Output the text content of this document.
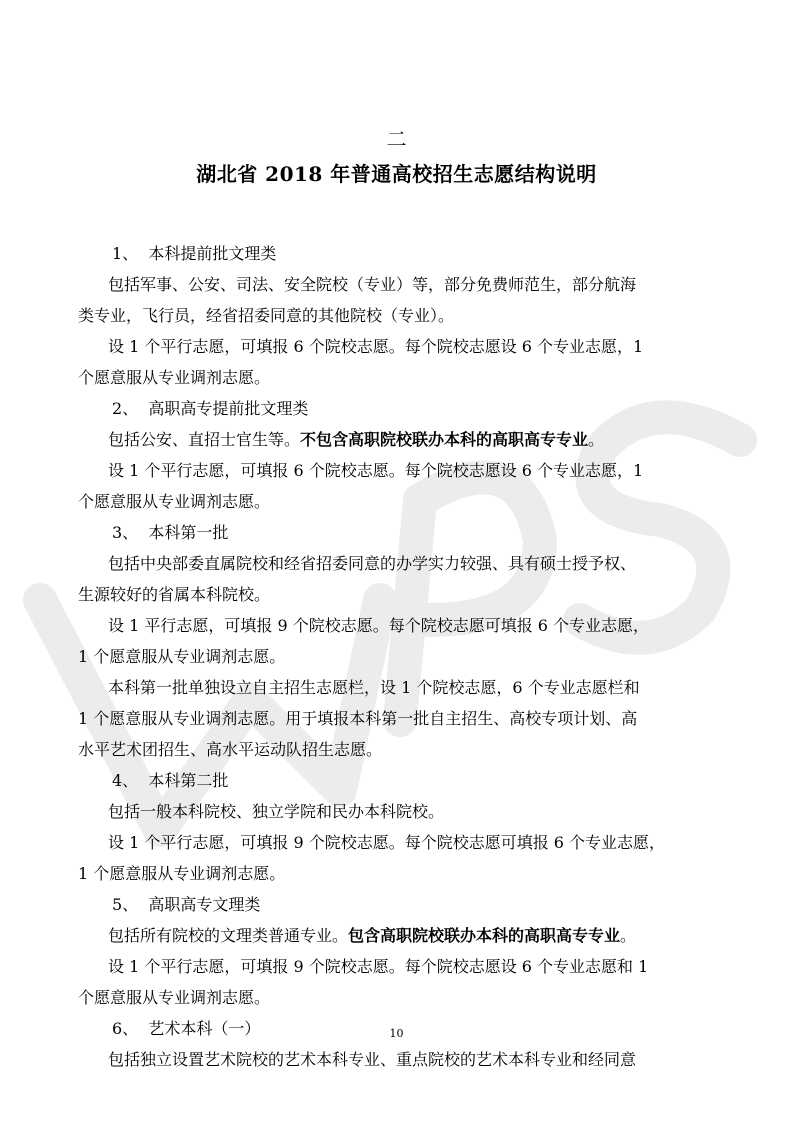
二
湖北省 2018 年普通高校招生志愿结构说明
1、  本科提前批文理类
包括军事、公安、司法、安全院校（专业）等，部分免费师范生，部分航海
类专业，飞行员，经省招委同意的其他院校（专业）。
设 1 个平行志愿，可填报 6 个院校志愿。每个院校志愿设 6 个专业志愿，1
个愿意服从专业调剂志愿。
2、  高职高专提前批文理类
包括公安、直招士官生等。不包含高职院校联办本科的高职高专专业。
设 1 个平行志愿，可填报 6 个院校志愿。每个院校志愿设 6 个专业志愿，1
个愿意服从专业调剂志愿。
3、  本科第一批
包括中央部委直属院校和经省招委同意的办学实力较强、具有硕士授予权、
生源较好的省属本科院校。
设 1 平行志愿，可填报 9 个院校志愿。每个院校志愿可填报 6 个专业志愿，
1 个愿意服从专业调剂志愿。
本科第一批单独设立自主招生志愿栏，设 1 个院校志愿，6 个专业志愿栏和
1 个愿意服从专业调剂志愿。用于填报本科第一批自主招生、高校专项计划、高
水平艺术团招生、高水平运动队招生志愿。
4、  本科第二批
包括一般本科院校、独立学院和民办本科院校。
设 1 个平行志愿，可填报 9 个院校志愿。每个院校志愿可填报 6 个专业志愿，
1 个愿意服从专业调剂志愿。
5、  高职高专文理类
包括所有院校的文理类普通专业。包含高职院校联办本科的高职高专专业。
设 1 个平行志愿，可填报 9 个院校志愿。每个院校志愿设 6 个专业志愿和 1
个愿意服从专业调剂志愿。
6、  艺术本科（一）
包括独立设置艺术院校的艺术本科专业、重点院校的艺术本科专业和经同意
10
